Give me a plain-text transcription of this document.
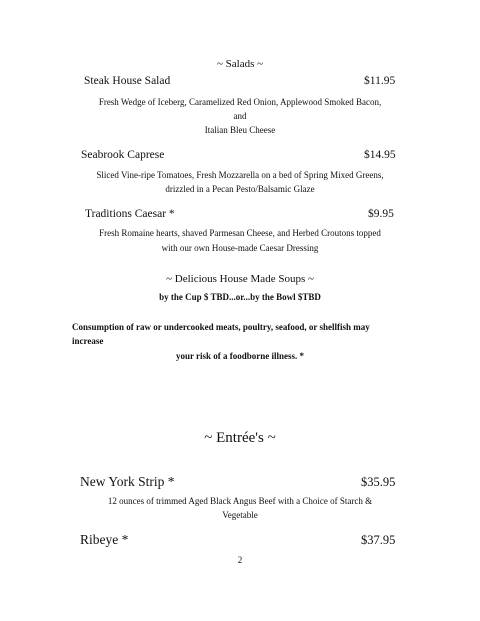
~ Salads ~
Steak House Salad	$11.95
Fresh Wedge of Iceberg, Caramelized Red Onion, Applewood Smoked Bacon,
and
Italian Bleu Cheese
Seabrook Caprese	$14.95
Sliced Vine-ripe Tomatoes, Fresh Mozzarella on a bed of Spring Mixed Greens,
drizzled in a Pecan Pesto/Balsamic Glaze
Traditions Caesar *	$9.95
Fresh Romaine hearts, shaved Parmesan Cheese, and Herbed Croutons topped
with our own House-made Caesar Dressing
~ Delicious House Made Soups ~
by the Cup $ TBD...or...by the Bowl $TBD
Consumption of raw or undercooked meats, poultry, seafood, or shellfish may
increase
your risk of a foodborne illness. *
~ Entrée's ~
New York Strip *	$35.95
12 ounces of trimmed Aged Black Angus Beef with a Choice of Starch &
Vegetable
Ribeye *	$37.95
2
